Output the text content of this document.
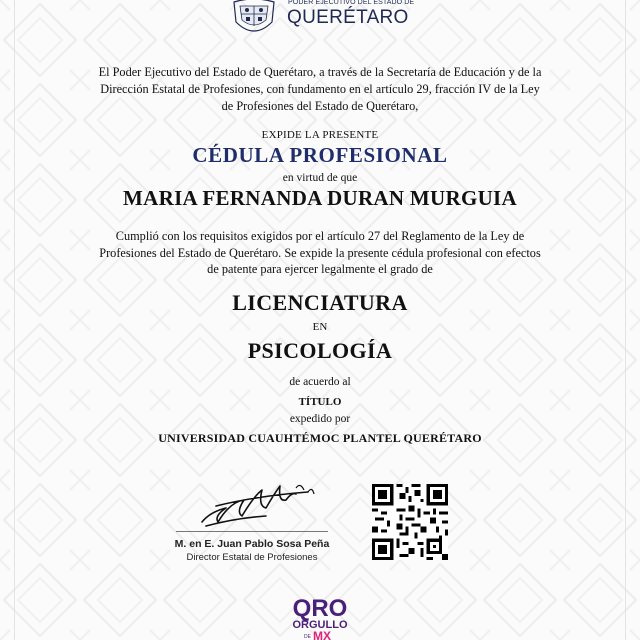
PODER EJECUTIVO DEL ESTADO DE
QUERÉTARO
El Poder Ejecutivo del Estado de Querétaro, a través de la Secretaría de Educación y de la
Dirección Estatal de Profesiones, con fundamento en el artículo 29, fracción IV de la Ley
de Profesiones del Estado de Querétaro,
EXPIDE LA PRESENTE
CÉDULA PROFESIONAL
en virtud de que
MARIA FERNANDA DURAN MURGUIA
Cumplió con los requisitos exigidos por el artículo 27 del Reglamento de la Ley de
Profesiones del Estado de Querétaro. Se expide la presente cédula profesional con efectos
de patente para ejercer legalmente el grado de
LICENCIATURA
EN
PSICOLOGÍA
de acuerdo al
TÍTULO
expedido por
UNIVERSIDAD CUAUHTÉMOC PLANTEL QUERÉTARO
M. en E. Juan Pablo Sosa Peña
Director Estatal de Profesiones
QRO
ORGULLO
DE MX
